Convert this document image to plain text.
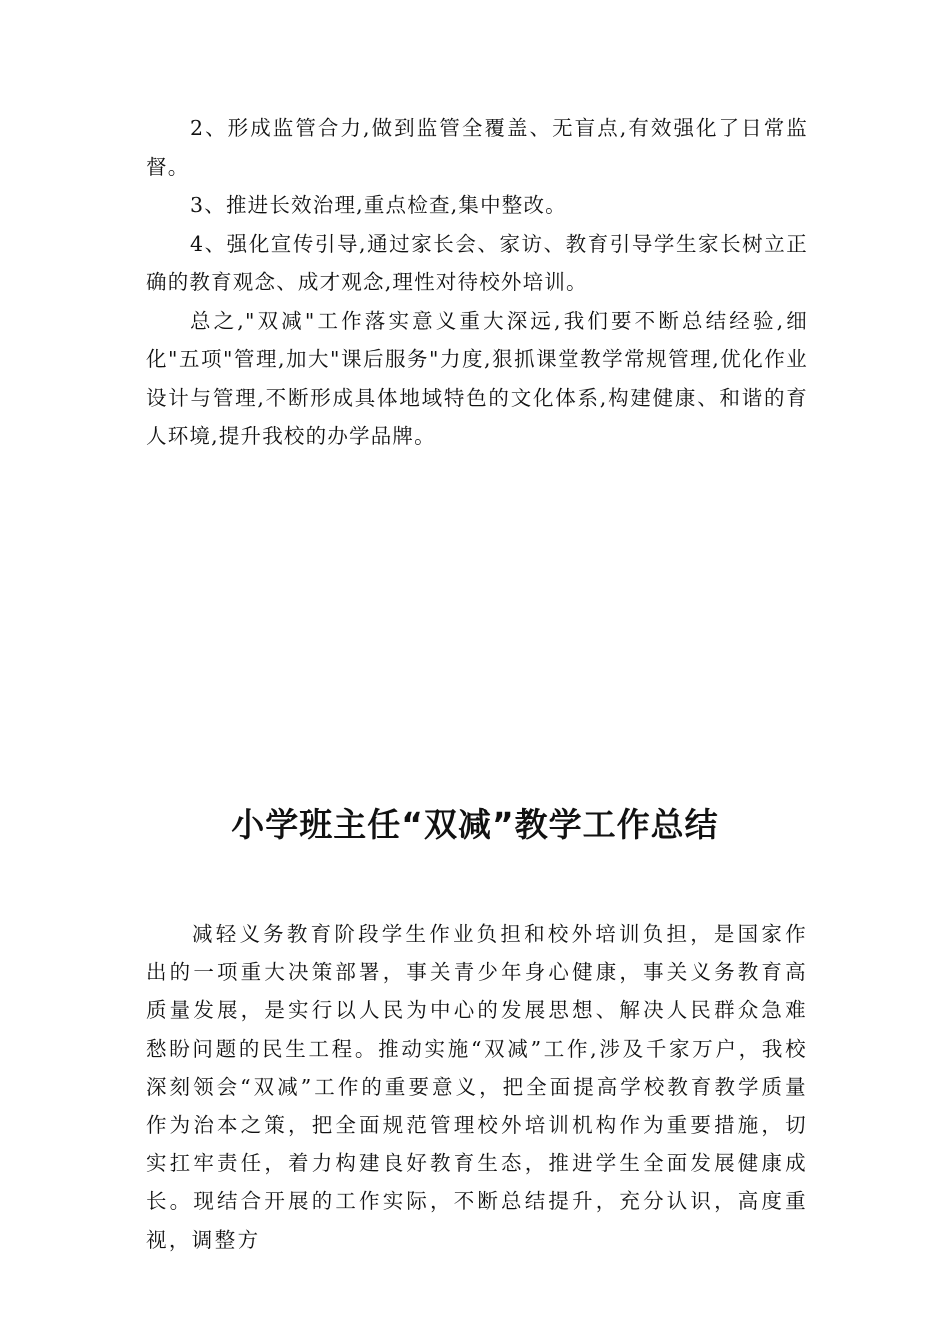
2、形成监管合力,做到监管全覆盖、无盲点,有效强化了日常监督。

3、推进长效治理,重点检查,集中整改。

4、强化宣传引导,通过家长会、家访、教育引导学生家长树立正确的教育观念、成才观念,理性对待校外培训。

总之,"双减"工作落实意义重大深远,我们要不断总结经验,细化"五项"管理,加大"课后服务"力度,狠抓课堂教学常规管理,优化作业设计与管理,不断形成具体地域特色的文化体系,构建健康、和谐的育人环境,提升我校的办学品牌。

小学班主任“双减”教学工作总结

减轻义务教育阶段学生作业负担和校外培训负担，是国家作出的一项重大决策部署，事关青少年身心健康，事关义务教育高质量发展，是实行以人民为中心的发展思想、解决人民群众急难愁盼问题的民生工程。推动实施“双减”工作,涉及千家万户，我校深刻领会“双减”工作的重要意义，把全面提高学校教育教学质量作为治本之策，把全面规范管理校外培训机构作为重要措施，切实扛牢责任，着力构建良好教育生态，推进学生全面发展健康成长。现结合开展的工作实际，不断总结提升，充分认识，高度重视，调整方
